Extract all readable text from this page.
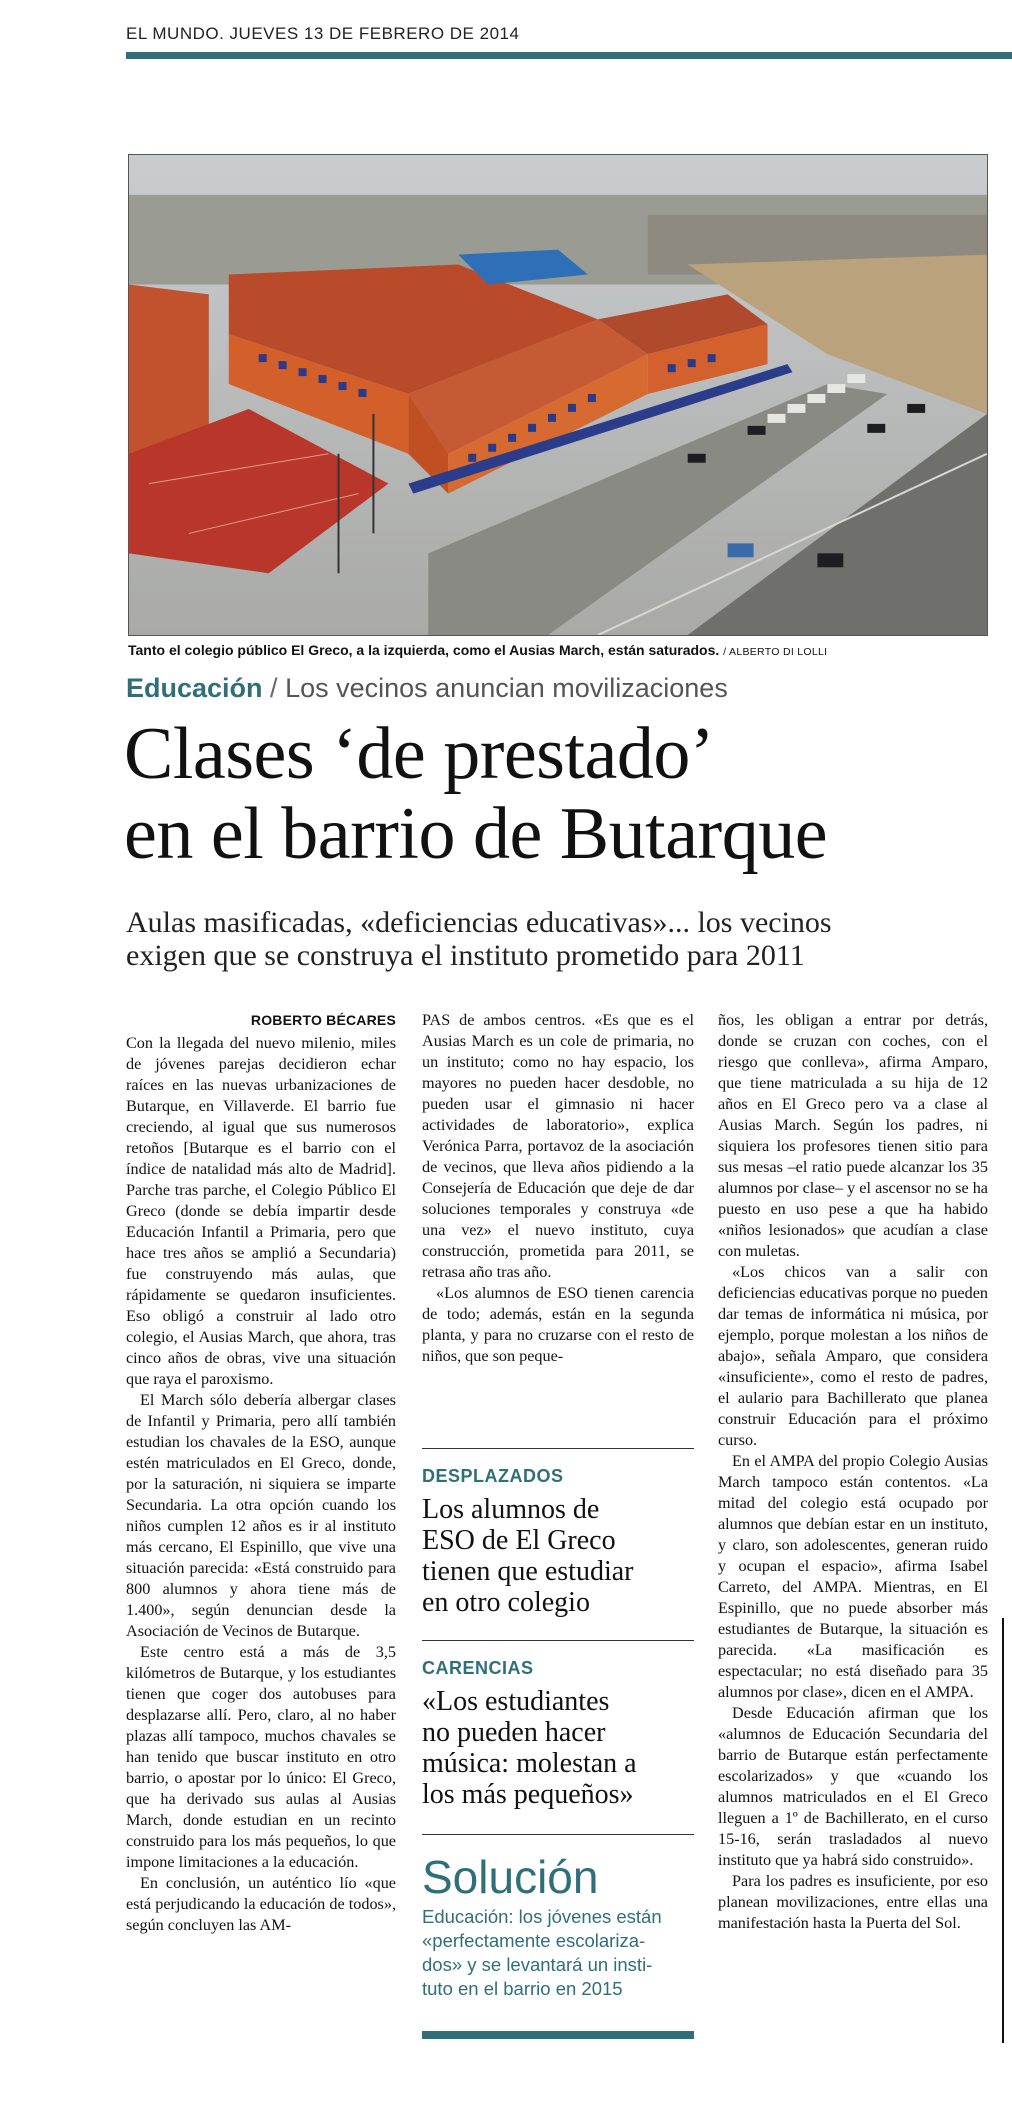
EL MUNDO. JUEVES 13 DE FEBRERO DE 2014
Tanto el colegio público El Greco, a la izquierda, como el Ausias March, están saturados. / ALBERTO DI LOLLI
Educación / Los vecinos anuncian movilizaciones
Clases ‘de prestado’
en el barrio de Butarque
Aulas masificadas, «deficiencias educativas»... los vecinos
exigen que se construya el instituto prometido para 2011
ROBERTO BÉCARES

Con la llegada del nuevo milenio, miles de jóvenes parejas decidieron echar raíces en las nuevas urbanizaciones de Butarque, en Villaverde. El barrio fue creciendo, al igual que sus numerosos retoños [Butarque es el barrio con el índice de natalidad más alto de Madrid]. Parche tras parche, el Colegio Público El Greco (donde se debía impartir desde Educación Infantil a Primaria, pero que hace tres años se amplió a Secundaria) fue construyendo más aulas, que rápidamente se quedaron insuficientes. Eso obligó a construir al lado otro colegio, el Ausias March, que ahora, tras cinco años de obras, vive una situación que raya el paroxismo.

El March sólo debería albergar clases de Infantil y Primaria, pero allí también estudian los chavales de la ESO, aunque estén matriculados en El Greco, donde, por la saturación, ni siquiera se imparte Secundaria. La otra opción cuando los niños cumplen 12 años es ir al instituto más cercano, El Espinillo, que vive una situación parecida: «Está construido para 800 alumnos y ahora tiene más de 1.400», según denuncian desde la Asociación de Vecinos de Butarque.

Este centro está a más de 3,5 kilómetros de Butarque, y los estudiantes tienen que coger dos autobuses para desplazarse allí. Pero, claro, al no haber plazas allí tampoco, muchos chavales se han tenido que buscar instituto en otro barrio, o apostar por lo único: El Greco, que ha derivado sus aulas al Ausias March, donde estudian en un recinto construido para los más pequeños, lo que impone limitaciones a la educación.

En conclusión, un auténtico lío «que está perjudicando la educación de todos», según concluyen las AM-

PAS de ambos centros. «Es que es el Ausias March es un cole de primaria, no un instituto; como no hay espacio, los mayores no pueden hacer desdoble, no pueden usar el gimnasio ni hacer actividades de laboratorio», explica Verónica Parra, portavoz de la asociación de vecinos, que lleva años pidiendo a la Consejería de Educación que deje de dar soluciones temporales y construya «de una vez» el nuevo instituto, cuya construcción, prometida para 2011, se retrasa año tras año.

«Los alumnos de ESO tienen carencia de todo; además, están en la segunda planta, y para no cruzarse con el resto de niños, que son peque-

DESPLAZADOS
Los alumnos de
ESO de El Greco
tienen que estudiar
en otro colegio
CARENCIAS
«Los estudiantes
no pueden hacer
música: molestan a
los más pequeños»
Solución
Educación: los jóvenes están
«perfectamente escolariza-
dos» y se levantará un insti-
tuto en el barrio en 2015

ños, les obligan a entrar por detrás, donde se cruzan con coches, con el riesgo que conlleva», afirma Amparo, que tiene matriculada a su hija de 12 años en El Greco pero va a clase al Ausias March. Según los padres, ni siquiera los profesores tienen sitio para sus mesas –el ratio puede alcanzar los 35 alumnos por clase– y el ascensor no se ha puesto en uso pese a que ha habido «niños lesionados» que acudían a clase con muletas.

«Los chicos van a salir con deficiencias educativas porque no pueden dar temas de informática ni música, por ejemplo, porque molestan a los niños de abajo», señala Amparo, que considera «insuficiente», como el resto de padres, el aulario para Bachillerato que planea construir Educación para el próximo curso.

En el AMPA del propio Colegio Ausias March tampoco están contentos. «La mitad del colegio está ocupado por alumnos que debían estar en un instituto, y claro, son adolescentes, generan ruido y ocupan el espacio», afirma Isabel Carreto, del AMPA. Mientras, en El Espinillo, que no puede absorber más estudiantes de Butarque, la situación es parecida. «La masificación es espectacular; no está diseñado para 35 alumnos por clase», dicen en el AMPA.

Desde Educación afirman que los «alumnos de Educación Secundaria del barrio de Butarque están perfectamente escolarizados» y que «cuando los alumnos matriculados en el El Greco lleguen a 1º de Bachillerato, en el curso 15-16, serán trasladados al nuevo instituto que ya habrá sido construido».

Para los padres es insuficiente, por eso planean movilizaciones, entre ellas una manifestación hasta la Puerta del Sol.
